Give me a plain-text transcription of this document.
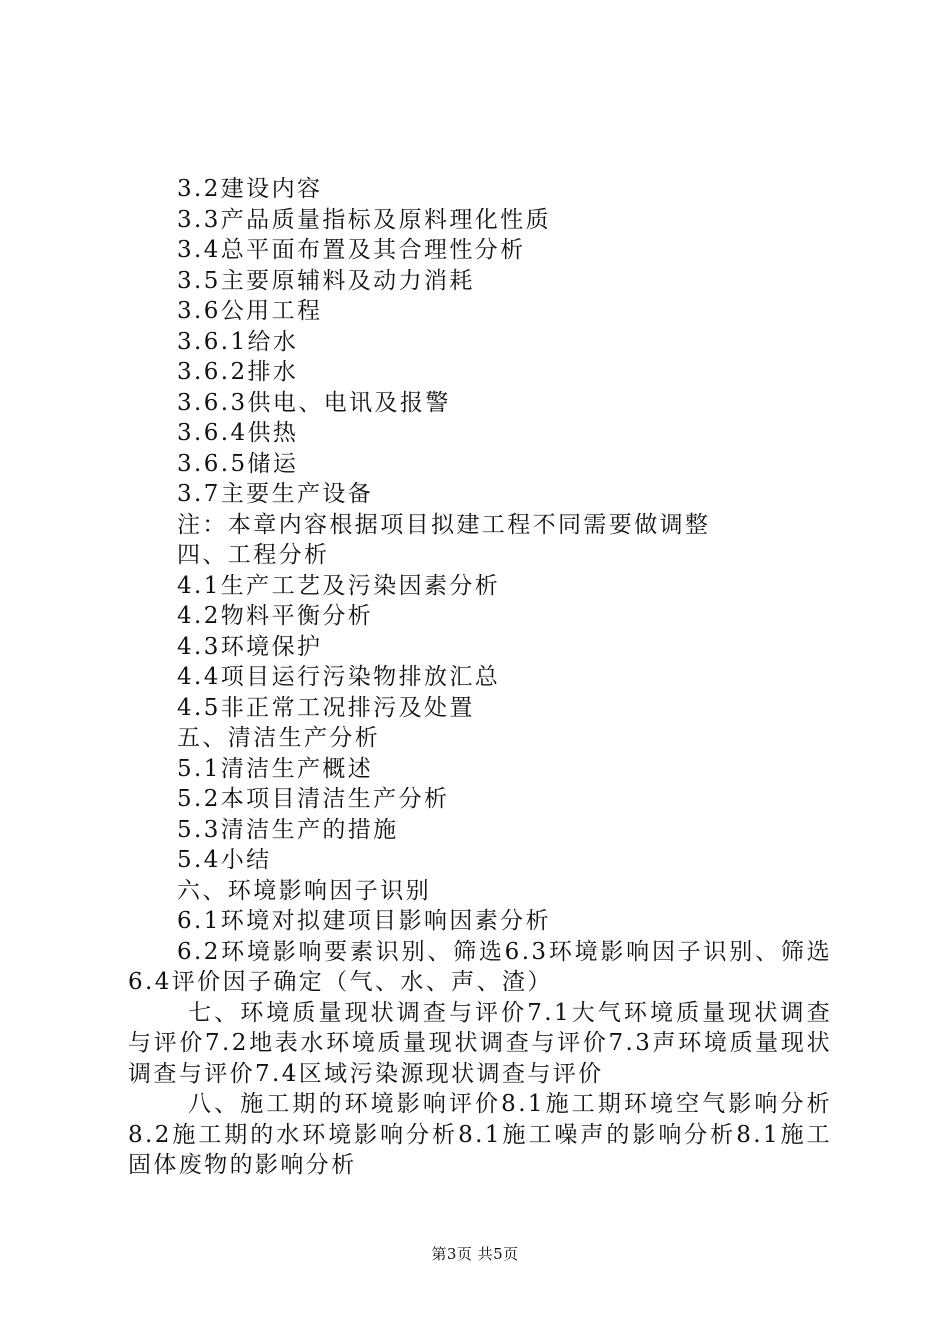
3.2建设内容
3.3产品质量指标及原料理化性质
3.4总平面布置及其合理性分析
3.5主要原辅料及动力消耗
3.6公用工程
3.6.1给水
3.6.2排水
3.6.3供电、电讯及报警
3.6.4供热
3.6.5储运
3.7主要生产设备
注：本章内容根据项目拟建工程不同需要做调整
四、工程分析
4.1生产工艺及污染因素分析
4.2物料平衡分析
4.3环境保护
4.4项目运行污染物排放汇总
4.5非正常工况排污及处置
五、清洁生产分析
5.1清洁生产概述
5.2本项目清洁生产分析
5.3清洁生产的措施
5.4小结
六、环境影响因子识别
6.1环境对拟建项目影响因素分析
6.2环境影响要素识别、筛选6.3环境影响因子识别、筛选6.4评价因子确定（气、水、声、渣）
七、环境质量现状调查与评价7.1大气环境质量现状调查与评价7.2地表水环境质量现状调查与评价7.3声环境质量现状调查与评价7.4区域污染源现状调查与评价
八、施工期的环境影响评价8.1施工期环境空气影响分析8.2施工期的水环境影响分析8.1施工噪声的影响分析8.1施工固体废物的影响分析
第3页 共5页
